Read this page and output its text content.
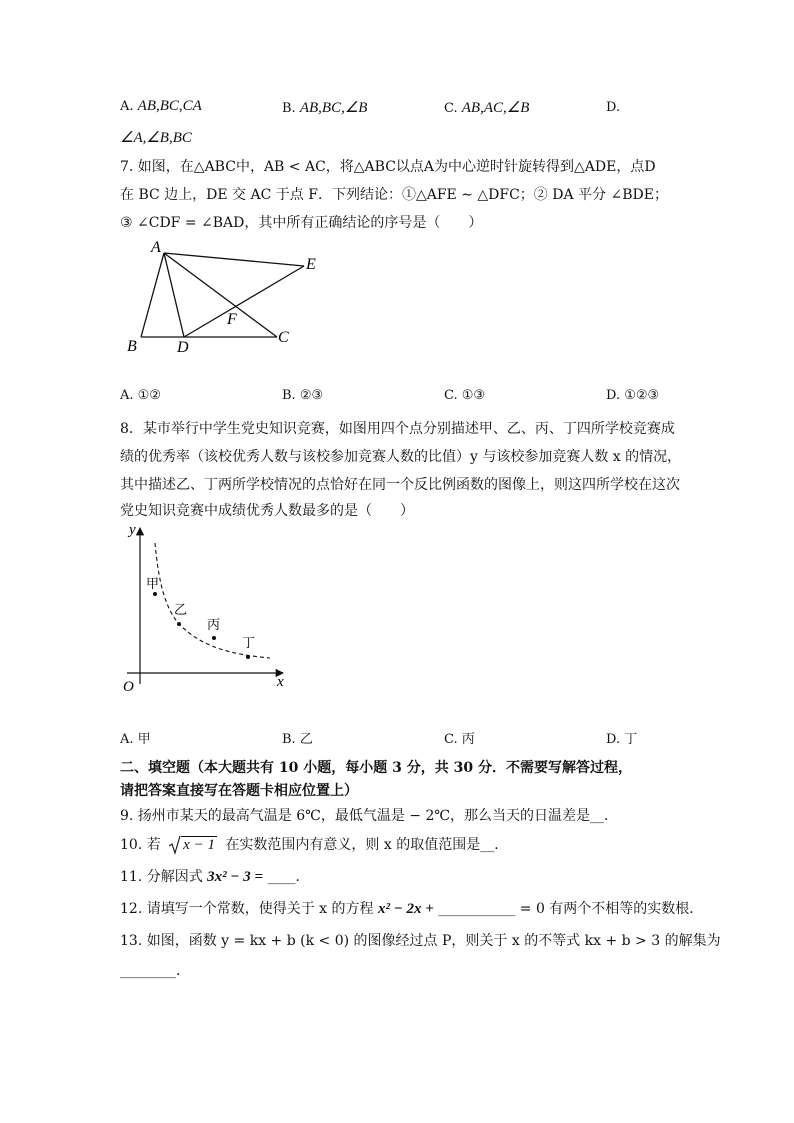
A. AB,BC,CA	B. AB,BC,∠B	C. AB,AC,∠B	D.
∠A,∠B,BC
7. 如图，在△ABC中，AB < AC，将△ABC以点A为中心逆时针旋转得到△ADE，点D
在 BC 边上，DE 交 AC 于点 F．下列结论：①△AFE ∼ △DFC；② DA 平分 ∠BDE；
③ ∠CDF = ∠BAD，其中所有正确结论的序号是（　　）
A
E
F
B	D
C
A. ①②	B. ②③	C. ①③	D. ①②③
8．某市举行中学生党史知识竞赛，如图用四个点分别描述甲、乙、丙、丁四所学校竞赛成
绩的优秀率（该校优秀人数与该校参加竞赛人数的比值）y 与该校参加竞赛人数 x 的情况，
其中描述乙、丁两所学校情况的点恰好在同一个反比例函数的图像上，则这四所学校在这次
党史知识竞赛中成绩优秀人数最多的是（　　）
y
x
O
甲
乙
丙
丁
A. 甲	B. 乙	C. 丙	D. 丁
二、填空题（本大题共有 10 小题，每小题 3 分，共 30 分．不需要写解答过程，
请把答案直接写在答题卡相应位置上）
9. 扬州市某天的最高气温是 6℃，最低气温是 − 2℃，那么当天的日温差是__．
10. 若 x − 1 在实数范围内有意义，则 x 的取值范围是__．
11. 分解因式 3x² − 3 = ____．
12. 请填写一个常数，使得关于 x 的方程 x² − 2x + ___________ = 0 有两个不相等的实数根．
13. 如图，函数 y = kx + b (k < 0) 的图像经过点 P，则关于 x 的不等式 kx + b > 3 的解集为
________．
